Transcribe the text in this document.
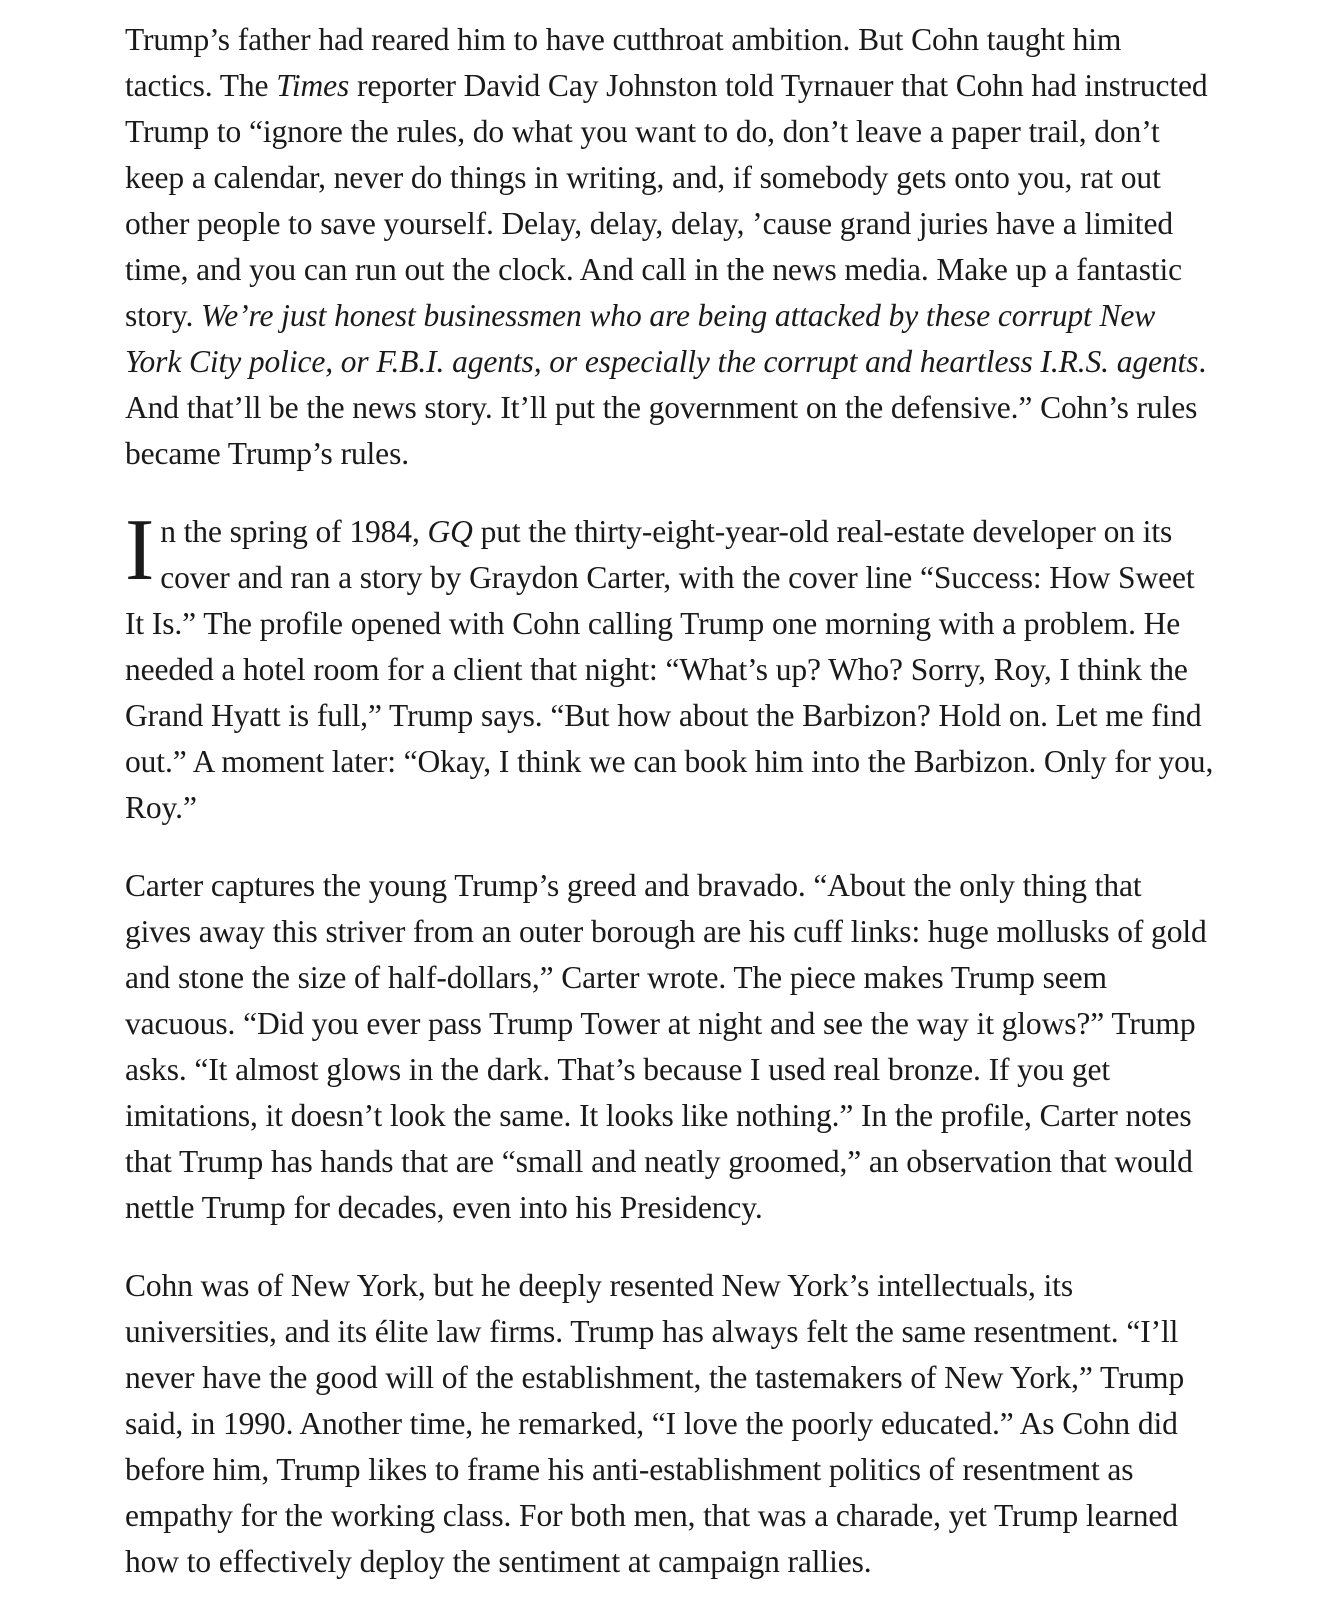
Trump’s father had reared him to have cutthroat ambition. But Cohn taught him tactics. The Times reporter David Cay Johnston told Tyrnauer that Cohn had instructed Trump to “ignore the rules, do what you want to do, don’t leave a paper trail, don’t keep a calendar, never do things in writing, and, if somebody gets onto you, rat out other people to save yourself. Delay, delay, delay, ’cause grand juries have a limited time, and you can run out the clock. And call in the news media. Make up a fantastic story. We’re just honest businessmen who are being attacked by these corrupt New York City police, or F.B.I. agents, or especially the corrupt and heartless I.R.S. agents. And that’ll be the news story. It’ll put the government on the defensive.” Cohn’s rules became Trump’s rules.

In the spring of 1984, GQ put the thirty-eight-year-old real-estate developer on its cover and ran a story by Graydon Carter, with the cover line “Success: How Sweet It Is.” The profile opened with Cohn calling Trump one morning with a problem. He needed a hotel room for a client that night: “What’s up? Who? Sorry, Roy, I think the Grand Hyatt is full,” Trump says. “But how about the Barbizon? Hold on. Let me find out.” A moment later: “Okay, I think we can book him into the Barbizon. Only for you, Roy.”

Carter captures the young Trump’s greed and bravado. “About the only thing that gives away this striver from an outer borough are his cuff links: huge mollusks of gold and stone the size of half-dollars,” Carter wrote. The piece makes Trump seem vacuous. “Did you ever pass Trump Tower at night and see the way it glows?” Trump asks. “It almost glows in the dark. That’s because I used real bronze. If you get imitations, it doesn’t look the same. It looks like nothing.” In the profile, Carter notes that Trump has hands that are “small and neatly groomed,” an observation that would nettle Trump for decades, even into his Presidency.

Cohn was of New York, but he deeply resented New York’s intellectuals, its universities, and its élite law firms. Trump has always felt the same resentment. “I’ll never have the good will of the establishment, the tastemakers of New York,” Trump said, in 1990. Another time, he remarked, “I love the poorly educated.” As Cohn did before him, Trump likes to frame his anti-establishment politics of resentment as empathy for the working class. For both men, that was a charade, yet Trump learned how to effectively deploy the sentiment at campaign rallies.
